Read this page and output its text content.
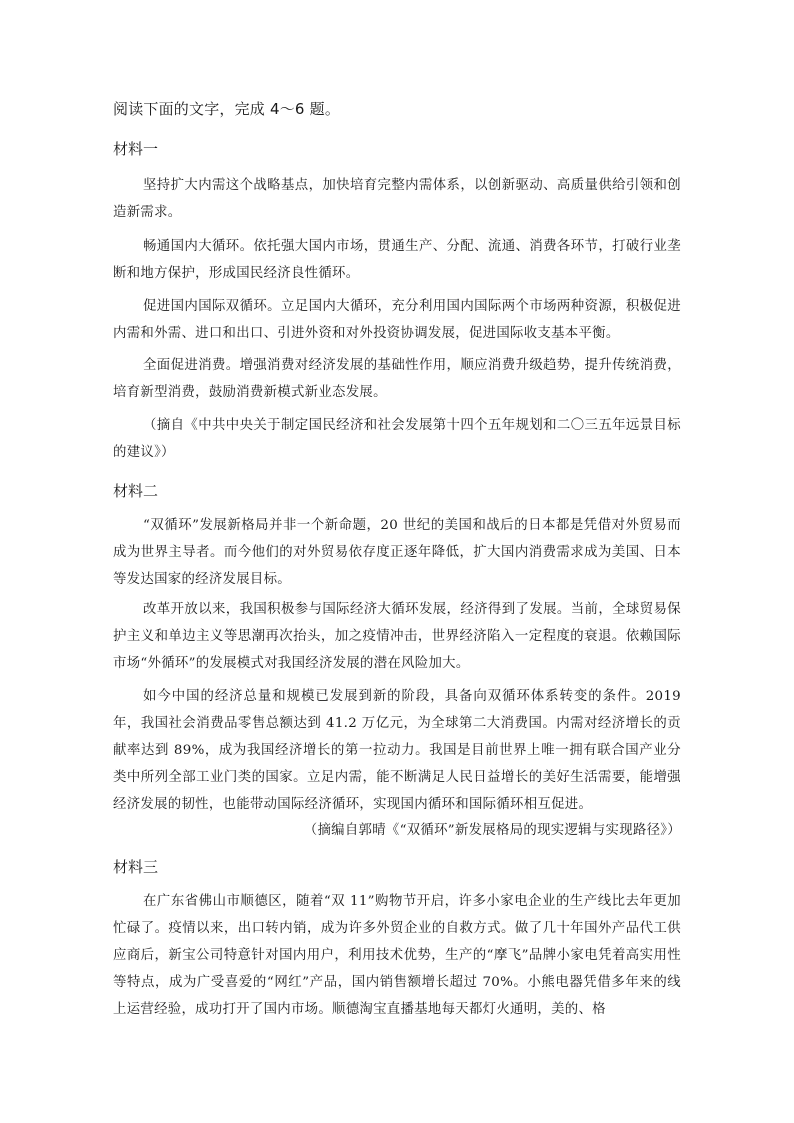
阅读下面的文字，完成 4～6 题。
材料一
坚持扩大内需这个战略基点，加快培育完整内需体系，以创新驱动、高质量供给引领和创造新需求。
畅通国内大循环。依托强大国内市场，贯通生产、分配、流通、消费各环节，打破行业垄断和地方保护，形成国民经济良性循环。
促进国内国际双循环。立足国内大循环，充分利用国内国际两个市场两种资源，积极促进内需和外需、进口和出口、引进外资和对外投资协调发展，促进国际收支基本平衡。
全面促进消费。增强消费对经济发展的基础性作用，顺应消费升级趋势，提升传统消费，培育新型消费，鼓励消费新模式新业态发展。
（摘自《中共中央关于制定国民经济和社会发展第十四个五年规划和二〇三五年远景目标的建议》）
材料二
“双循环”发展新格局并非一个新命题，20 世纪的美国和战后的日本都是凭借对外贸易而成为世界主导者。而今他们的对外贸易依存度正逐年降低，扩大国内消费需求成为美国、日本等发达国家的经济发展目标。
改革开放以来，我国积极参与国际经济大循环发展，经济得到了发展。当前，全球贸易保护主义和单边主义等思潮再次抬头，加之疫情冲击，世界经济陷入一定程度的衰退。依赖国际市场“外循环”的发展模式对我国经济发展的潜在风险加大。
如今中国的经济总量和规模已发展到新的阶段，具备向双循环体系转变的条件。2019 年，我国社会消费品零售总额达到 41.2 万亿元，为全球第二大消费国。内需对经济增长的贡献率达到 89%，成为我国经济增长的第一拉动力。我国是目前世界上唯一拥有联合国产业分类中所列全部工业门类的国家。立足内需，能不断满足人民日益增长的美好生活需要，能增强经济发展的韧性，也能带动国际经济循环，实现国内循环和国际循环相互促进。
（摘编自郭晴《“双循环”新发展格局的现实逻辑与实现路径》）
材料三
在广东省佛山市顺德区，随着“双 11”购物节开启，许多小家电企业的生产线比去年更加忙碌了。疫情以来，出口转内销，成为许多外贸企业的自救方式。做了几十年国外产品代工供应商后，新宝公司特意针对国内用户，利用技术优势，生产的“摩飞”品牌小家电凭着高实用性等特点，成为广受喜爱的“网红”产品，国内销售额增长超过 70%。小熊电器凭借多年来的线上运营经验，成功打开了国内市场。顺德淘宝直播基地每天都灯火通明，美的、格
